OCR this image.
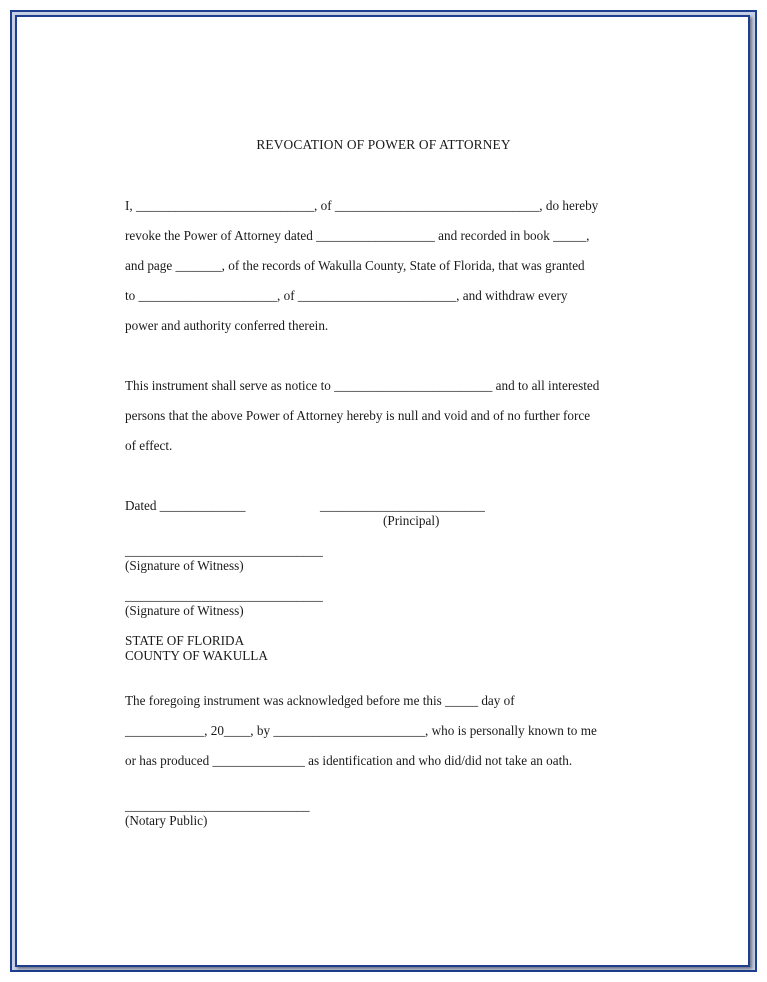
REVOCATION OF POWER OF ATTORNEY
I, ___________________________, of _______________________________, do hereby
revoke the Power of Attorney dated __________________ and recorded in book _____,
and page _______, of the records of Wakulla County, State of Florida, that was granted
to _____________________, of ________________________, and withdraw every
power and authority conferred therein.
This instrument shall serve as notice to ________________________ and to all interested
persons that the above Power of Attorney hereby is null and void and of no further force
of effect.
Dated _____________	_________________________
(Principal)
______________________________
(Signature of Witness)
______________________________
(Signature of Witness)
STATE OF FLORIDA
COUNTY OF WAKULLA
The foregoing instrument was acknowledged before me this _____ day of
____________, 20____, by _______________________, who is personally known to me
or has produced ______________ as identification and who did/did not take an oath.
____________________________
(Notary Public)
